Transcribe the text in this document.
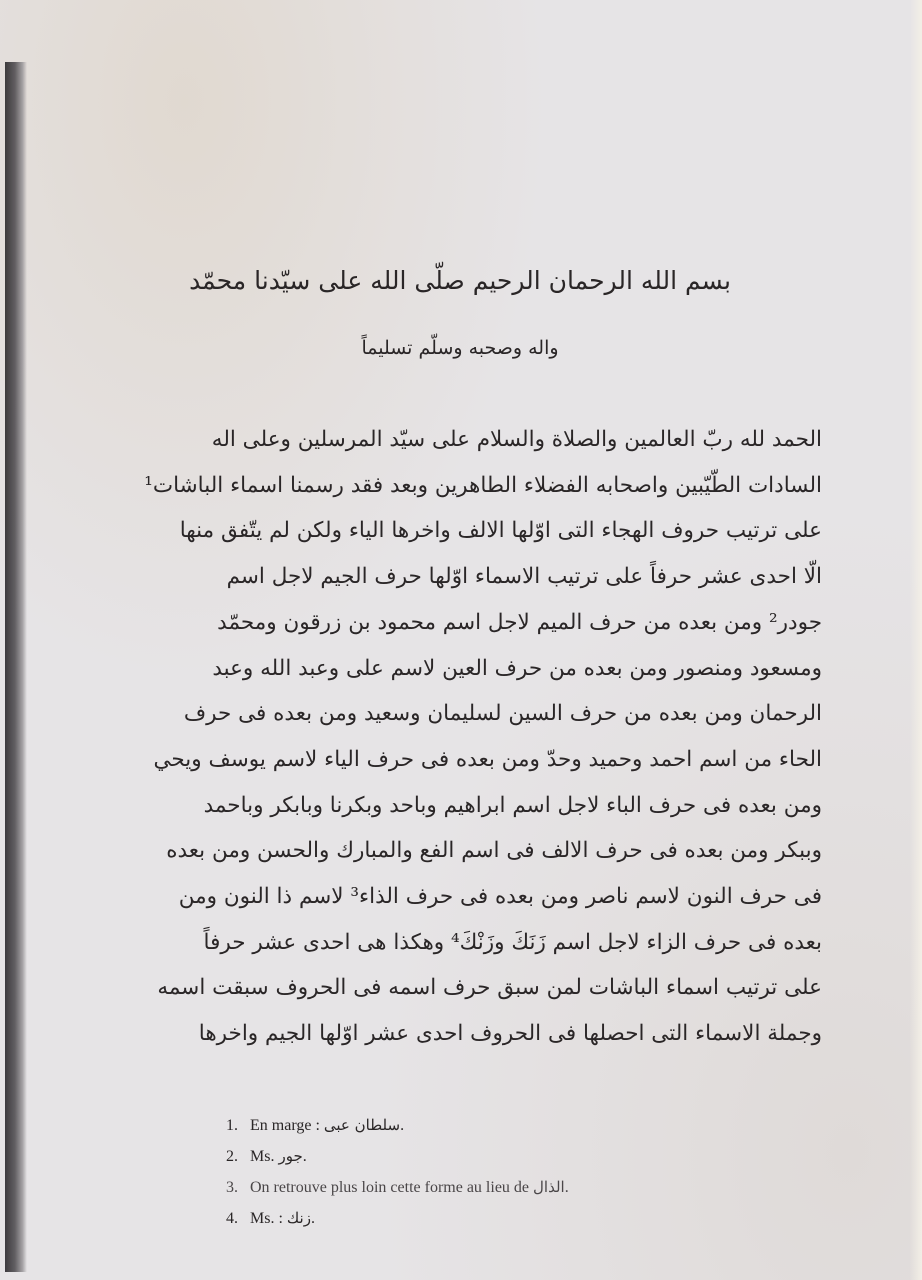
بسم الله الرحمان الرحيم صلّى الله على سيّدنا محمّد
واله وصحبه وسلّم تسليماً
الحمد لله ربّ العالمين والصلاة والسلام على سيّد المرسلين وعلى اله
السادات الطّيّبين واصحابه الفضلاء الطاهرين وبعد فقد رسمنا اسماء الباشات¹
على ترتيب حروف الهجاء التى اوّلها الالف واخرها الياء ولكن لم يتّفق منها
الّا احدى عشر حرفاً على ترتيب الاسماء اوّلها حرف الجيم لاجل اسم
جودر² ومن بعده من حرف الميم لاجل اسم محمود بن زرقون ومحمّد
ومسعود ومنصور ومن بعده من حرف العين لاسم على وعبد الله وعبد
الرحمان ومن بعده من حرف السين لسليمان وسعيد ومن بعده فى حرف
الحاء من اسم احمد وحميد وحدّ ومن بعده فى حرف الياء لاسم يوسف ويحي
ومن بعده فى حرف الباء لاجل اسم ابراهيم وباحد وبكرنا وبابكر وباحمد
وببكر ومن بعده فى حرف الالف فى اسم الفع والمبارك والحسن ومن بعده
فى حرف النون لاسم ناصر ومن بعده فى حرف الذاء³ لاسم ذا النون ومن
بعده فى حرف الزاء لاجل اسم زَنَكَ وزَنْكَ⁴ وهكذا هى احدى عشر حرفاً
على ترتيب اسماء الباشات لمن سبق حرف اسمه فى الحروف سبقت اسمه
وجملة الاسماء التى احصلها فى الحروف احدى عشر اوّلها الجيم واخرها
1. En marge : سلطان عبى.
2. Ms. جور.
3. On retrouve plus loin cette forme au lieu de الذال.
4. Ms. : زنك.
